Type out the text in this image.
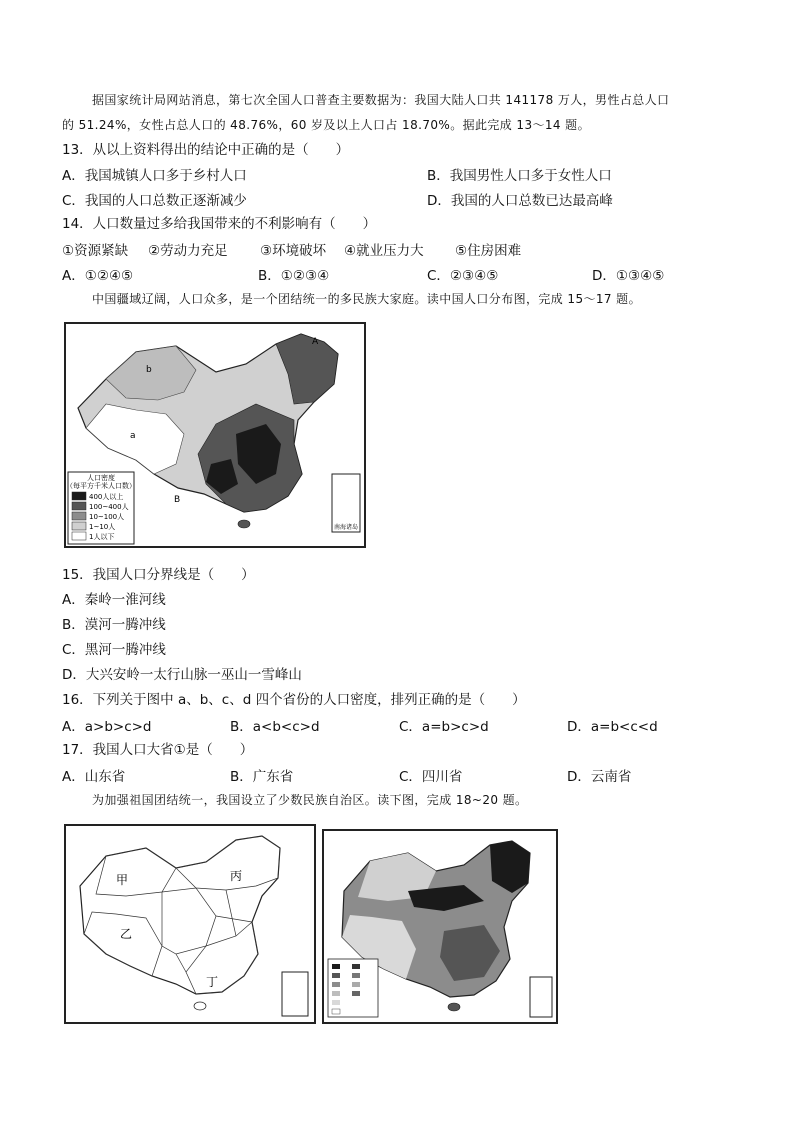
据国家统计局网站消息，第七次全国人口普查主要数据为：我国大陆人口共 141178 万人，男性占总人口
的 51.24%，女性占总人口的 48.76%，60 岁及以上人口占 18.70%。据此完成 13～14 题。
13．从以上资料得出的结论中正确的是（　　）
A．我国城镇人口多于乡村人口	B．我国男性人口多于女性人口
C．我国的人口总数正逐渐减少	D．我国的人口总数已达最高峰
14．人口数量过多给我国带来的不利影响有（　　）
①资源紧缺 ②劳动力充足 ③环境破坏 ④就业压力大 ⑤住房困难
A．①②④⑤	B．①②③④	C．②③④⑤	D．①③④⑤
中国疆域辽阔，人口众多，是一个团结统一的多民族大家庭。读中国人口分布图，完成 15～17 题。
南海诸岛
a
b
A
B
人口密度
（每平方千米人口数）
400人以上
100~400人
10~100人
1~10人
1人以下
15．我国人口分界线是（　　）
A．秦岭一淮河线
B．漠河一腾冲线
C．黑河一腾冲线
D．大兴安岭一太行山脉一巫山一雪峰山
16．下列关于图中 a、b、c、d 四个省份的人口密度，排列正确的是（　　）
A．a>b>c>d	B．a<b<c>d	C．a=b>c>d	D．a=b<c<d
17．我国人口大省①是（　　）
A．山东省	B．广东省	C．四川省	D．云南省
为加强祖国团结统一，我国设立了少数民族自治区。读下图，完成 18~20 题。
甲
乙
丙
丁
